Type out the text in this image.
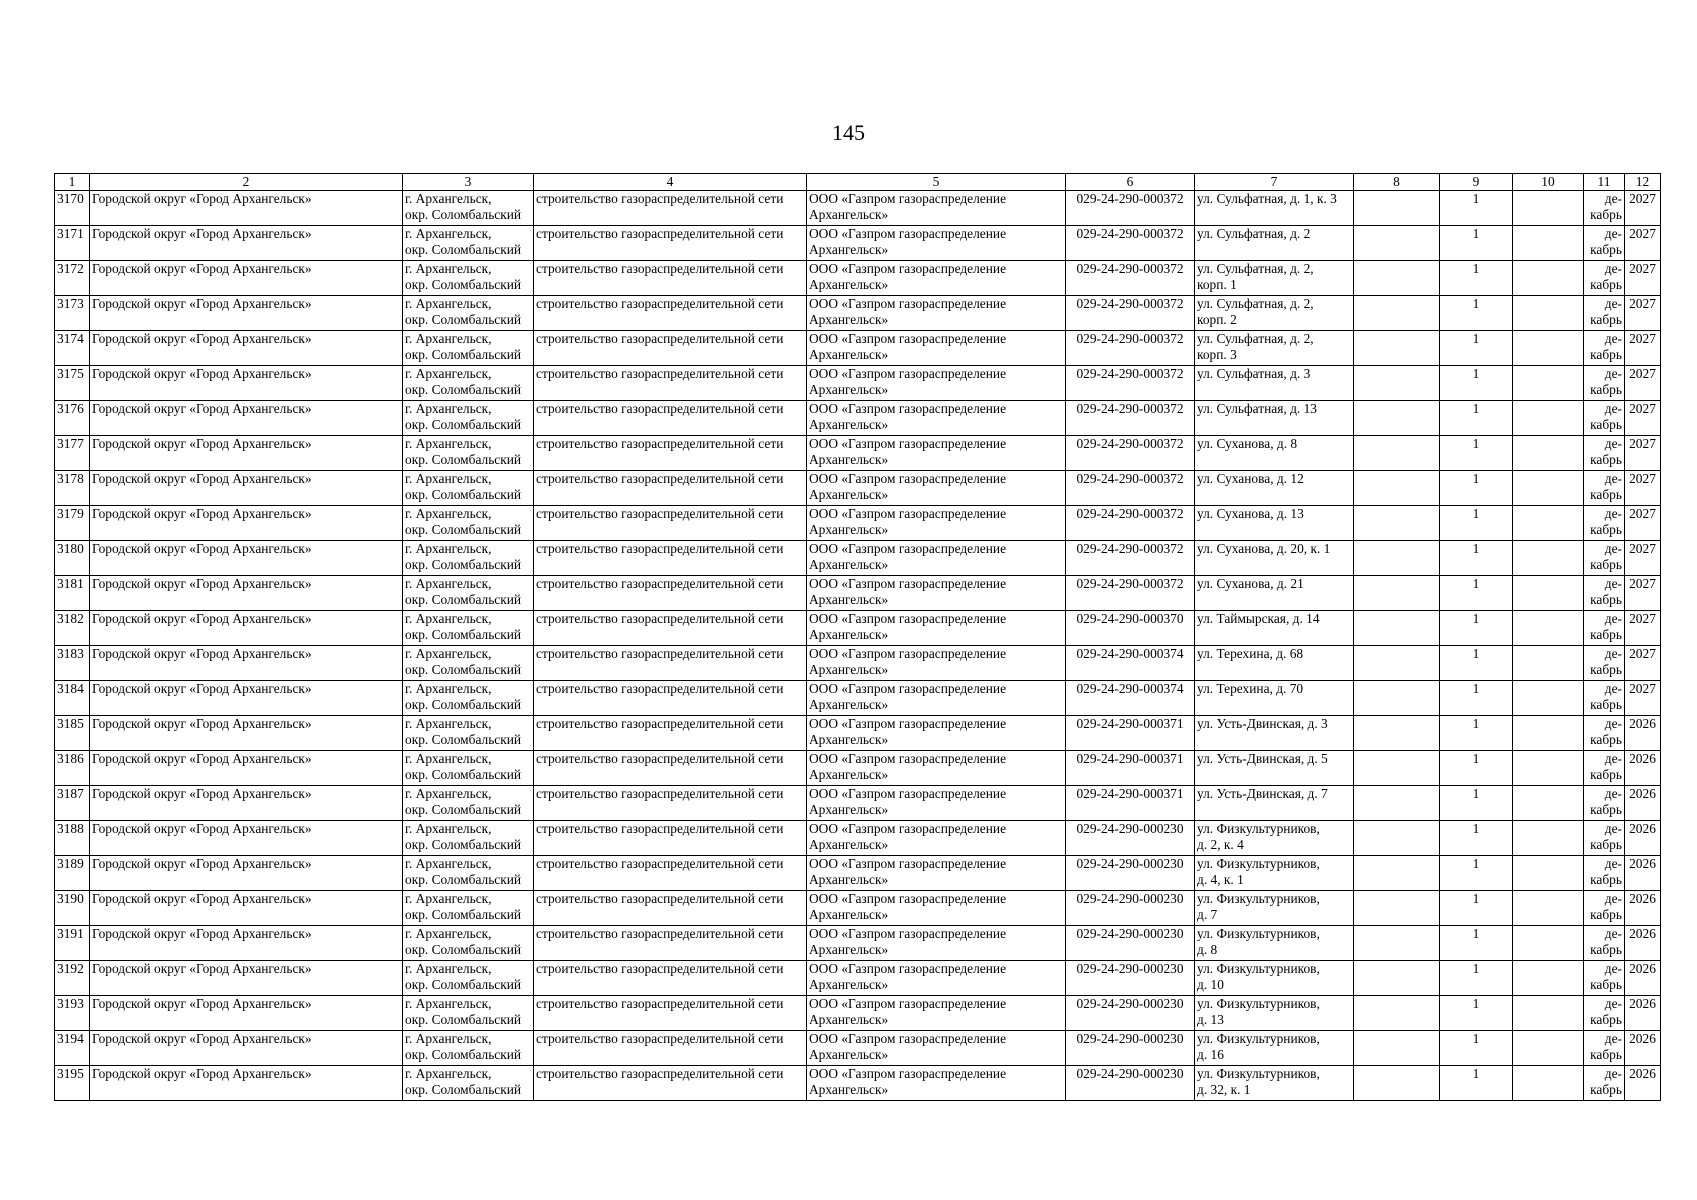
145
1	2	3	4	5	6	7	8	9	10	11	12
3170	Городской округ «Город Архангельск»	г. Архангельск,
окр. Соломбальский	строительство газораспределительной сети	ООО «Газпром газораспределение
Архангельск»	029-24-290-000372	ул. Сульфатная, д. 1, к. 3		1		де-
кабрь	2027
3171	Городской округ «Город Архангельск»	г. Архангельск,
окр. Соломбальский	строительство газораспределительной сети	ООО «Газпром газораспределение
Архангельск»	029-24-290-000372	ул. Сульфатная, д. 2		1		де-
кабрь	2027
3172	Городской округ «Город Архангельск»	г. Архангельск,
окр. Соломбальский	строительство газораспределительной сети	ООО «Газпром газораспределение
Архангельск»	029-24-290-000372	ул. Сульфатная, д. 2,
корп. 1		1		де-
кабрь	2027
3173	Городской округ «Город Архангельск»	г. Архангельск,
окр. Соломбальский	строительство газораспределительной сети	ООО «Газпром газораспределение
Архангельск»	029-24-290-000372	ул. Сульфатная, д. 2,
корп. 2		1		де-
кабрь	2027
3174	Городской округ «Город Архангельск»	г. Архангельск,
окр. Соломбальский	строительство газораспределительной сети	ООО «Газпром газораспределение
Архангельск»	029-24-290-000372	ул. Сульфатная, д. 2,
корп. 3		1		де-
кабрь	2027
3175	Городской округ «Город Архангельск»	г. Архангельск,
окр. Соломбальский	строительство газораспределительной сети	ООО «Газпром газораспределение
Архангельск»	029-24-290-000372	ул. Сульфатная, д. 3		1		де-
кабрь	2027
3176	Городской округ «Город Архангельск»	г. Архангельск,
окр. Соломбальский	строительство газораспределительной сети	ООО «Газпром газораспределение
Архангельск»	029-24-290-000372	ул. Сульфатная, д. 13		1		де-
кабрь	2027
3177	Городской округ «Город Архангельск»	г. Архангельск,
окр. Соломбальский	строительство газораспределительной сети	ООО «Газпром газораспределение
Архангельск»	029-24-290-000372	ул. Суханова, д. 8		1		де-
кабрь	2027
3178	Городской округ «Город Архангельск»	г. Архангельск,
окр. Соломбальский	строительство газораспределительной сети	ООО «Газпром газораспределение
Архангельск»	029-24-290-000372	ул. Суханова, д. 12		1		де-
кабрь	2027
3179	Городской округ «Город Архангельск»	г. Архангельск,
окр. Соломбальский	строительство газораспределительной сети	ООО «Газпром газораспределение
Архангельск»	029-24-290-000372	ул. Суханова, д. 13		1		де-
кабрь	2027
3180	Городской округ «Город Архангельск»	г. Архангельск,
окр. Соломбальский	строительство газораспределительной сети	ООО «Газпром газораспределение
Архангельск»	029-24-290-000372	ул. Суханова, д. 20, к. 1		1		де-
кабрь	2027
3181	Городской округ «Город Архангельск»	г. Архангельск,
окр. Соломбальский	строительство газораспределительной сети	ООО «Газпром газораспределение
Архангельск»	029-24-290-000372	ул. Суханова, д. 21		1		де-
кабрь	2027
3182	Городской округ «Город Архангельск»	г. Архангельск,
окр. Соломбальский	строительство газораспределительной сети	ООО «Газпром газораспределение
Архангельск»	029-24-290-000370	ул. Таймырская, д. 14		1		де-
кабрь	2027
3183	Городской округ «Город Архангельск»	г. Архангельск,
окр. Соломбальский	строительство газораспределительной сети	ООО «Газпром газораспределение
Архангельск»	029-24-290-000374	ул. Терехина, д. 68		1		де-
кабрь	2027
3184	Городской округ «Город Архангельск»	г. Архангельск,
окр. Соломбальский	строительство газораспределительной сети	ООО «Газпром газораспределение
Архангельск»	029-24-290-000374	ул. Терехина, д. 70		1		де-
кабрь	2027
3185	Городской округ «Город Архангельск»	г. Архангельск,
окр. Соломбальский	строительство газораспределительной сети	ООО «Газпром газораспределение
Архангельск»	029-24-290-000371	ул. Усть-Двинская, д. 3		1		де-
кабрь	2026
3186	Городской округ «Город Архангельск»	г. Архангельск,
окр. Соломбальский	строительство газораспределительной сети	ООО «Газпром газораспределение
Архангельск»	029-24-290-000371	ул. Усть-Двинская, д. 5		1		де-
кабрь	2026
3187	Городской округ «Город Архангельск»	г. Архангельск,
окр. Соломбальский	строительство газораспределительной сети	ООО «Газпром газораспределение
Архангельск»	029-24-290-000371	ул. Усть-Двинская, д. 7		1		де-
кабрь	2026
3188	Городской округ «Город Архангельск»	г. Архангельск,
окр. Соломбальский	строительство газораспределительной сети	ООО «Газпром газораспределение
Архангельск»	029-24-290-000230	ул. Физкультурников,
д. 2, к. 4		1		де-
кабрь	2026
3189	Городской округ «Город Архангельск»	г. Архангельск,
окр. Соломбальский	строительство газораспределительной сети	ООО «Газпром газораспределение
Архангельск»	029-24-290-000230	ул. Физкультурников,
д. 4, к. 1		1		де-
кабрь	2026
3190	Городской округ «Город Архангельск»	г. Архангельск,
окр. Соломбальский	строительство газораспределительной сети	ООО «Газпром газораспределение
Архангельск»	029-24-290-000230	ул. Физкультурников,
д. 7		1		де-
кабрь	2026
3191	Городской округ «Город Архангельск»	г. Архангельск,
окр. Соломбальский	строительство газораспределительной сети	ООО «Газпром газораспределение
Архангельск»	029-24-290-000230	ул. Физкультурников,
д. 8		1		де-
кабрь	2026
3192	Городской округ «Город Архангельск»	г. Архангельск,
окр. Соломбальский	строительство газораспределительной сети	ООО «Газпром газораспределение
Архангельск»	029-24-290-000230	ул. Физкультурников,
д. 10		1		де-
кабрь	2026
3193	Городской округ «Город Архангельск»	г. Архангельск,
окр. Соломбальский	строительство газораспределительной сети	ООО «Газпром газораспределение
Архангельск»	029-24-290-000230	ул. Физкультурников,
д. 13		1		де-
кабрь	2026
3194	Городской округ «Город Архангельск»	г. Архангельск,
окр. Соломбальский	строительство газораспределительной сети	ООО «Газпром газораспределение
Архангельск»	029-24-290-000230	ул. Физкультурников,
д. 16		1		де-
кабрь	2026
3195	Городской округ «Город Архангельск»	г. Архангельск,
окр. Соломбальский	строительство газораспределительной сети	ООО «Газпром газораспределение
Архангельск»	029-24-290-000230	ул. Физкультурников,
д. 32, к. 1		1		де-
кабрь	2026
